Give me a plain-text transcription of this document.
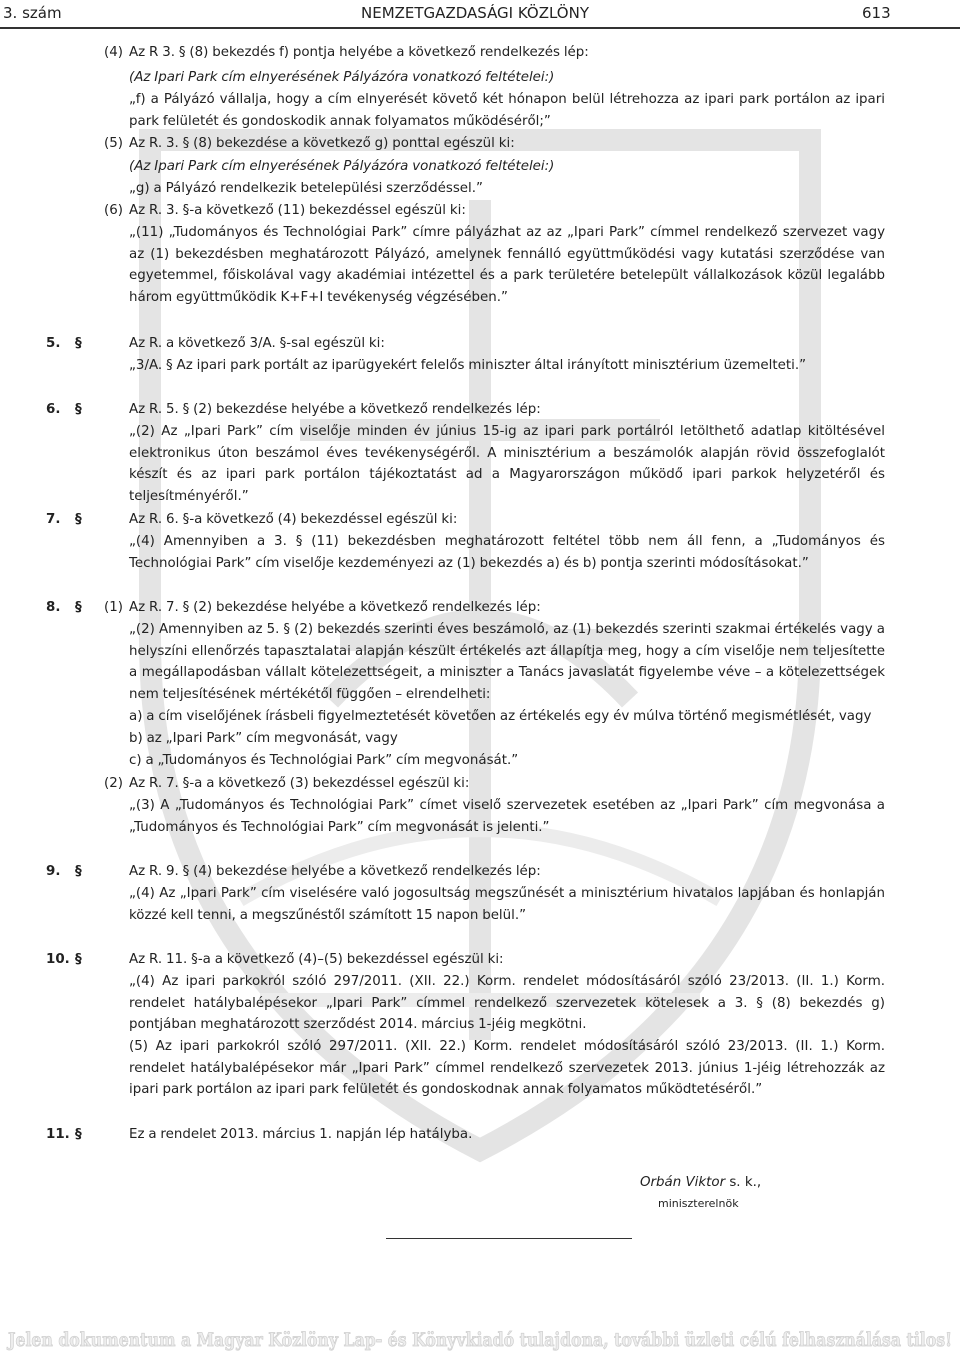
3. szám	NEMZETGAZDASÁGI KÖZLÖNY	613
(4) Az R 3. § (8) bekezdés f) pontja helyébe a következő rendelkezés lép:

(Az Ipari Park cím elnyerésének Pályázóra vonatkozó feltételei:)

„f) a Pályázó vállalja, hogy a cím elnyerését követő két hónapon belül létrehozza az ipari park portálon az ipari park felületét és gondoskodik annak folyamatos működéséről;”

(5) Az R. 3. § (8) bekezdése a következő g) ponttal egészül ki:

(Az Ipari Park cím elnyerésének Pályázóra vonatkozó feltételei:)

„g) a Pályázó rendelkezik betelepülési szerződéssel.”

(6) Az R. 3. §-a következő (11) bekezdéssel egészül ki:

„(11) „Tudományos és Technológiai Park” címre pályázhat az az „Ipari Park” címmel rendelkező szervezet vagy az (1) bekezdésben meghatározott Pályázó, amelynek fennálló együttműködési vagy kutatási szerződése van egyetemmel, főiskolával vagy akadémiai intézettel és a park területére betelepült vállalkozások közül legalább három együttműködik K+F+I tevékenység végzésében.”

5. §	Az R. a következő 3/A. §-sal egészül ki:

„3/A. § Az ipari park portált az iparügyekért felelős miniszter által irányított minisztérium üzemelteti.”

6. §	Az R. 5. § (2) bekezdése helyébe a következő rendelkezés lép:

„(2) Az „Ipari Park” cím viselője minden év június 15-ig az ipari park portálról letölthető adatlap kitöltésével elektronikus úton beszámol éves tevékenységéről. A minisztérium a beszámolók alapján rövid összefoglalót készít és az ipari park portálon tájékoztatást ad a Magyarországon működő ipari parkok helyzetéről és teljesítményéről.”

7. §	Az R. 6. §-a következő (4) bekezdéssel egészül ki:

„(4) Amennyiben a 3. § (11) bekezdésben meghatározott feltétel több nem áll fenn, a „Tudományos és Technológiai Park” cím viselője kezdeményezi az (1) bekezdés a) és b) pontja szerinti módosításokat.”

8. § (1) Az R. 7. § (2) bekezdése helyébe a következő rendelkezés lép:

„(2) Amennyiben az 5. § (2) bekezdés szerinti éves beszámoló, az (1) bekezdés szerinti szakmai értékelés vagy a helyszíni ellenőrzés tapasztalatai alapján készült értékelés azt állapítja meg, hogy a cím viselője nem teljesítette a megállapodásban vállalt kötelezettségeit, a miniszter a Tanács javaslatát figyelembe véve – a kötelezettségek nem teljesítésének mértékétől függően – elrendelheti:

a) a cím viselőjének írásbeli figyelmeztetését követően az értékelés egy év múlva történő megismétlését, vagy

b) az „Ipari Park” cím megvonását, vagy

c) a „Tudományos és Technológiai Park” cím megvonását.”

(2) Az R. 7. §-a a következő (3) bekezdéssel egészül ki:

„(3) A „Tudományos és Technológiai Park” címet viselő szervezetek esetében az „Ipari Park” cím megvonása a „Tudományos és Technológiai Park” cím megvonását is jelenti.”

9. §	Az R. 9. § (4) bekezdése helyébe a következő rendelkezés lép:

„(4) Az „Ipari Park” cím viselésére való jogosultság megszűnését a minisztérium hivatalos lapjában és honlapján közzé kell tenni, a megszűnéstől számított 15 napon belül.”

10. §	Az R. 11. §-a a következő (4)–(5) bekezdéssel egészül ki:

„(4) Az ipari parkokról szóló 297/2011. (XII. 22.) Korm. rendelet módosításáról szóló 23/2013. (II. 1.) Korm. rendelet hatálybalépésekor „Ipari Park” címmel rendelkező szervezetek kötelesek a 3. § (8) bekezdés g) pontjában meghatározott szerződést 2014. március 1-jéig megkötni.

(5) Az ipari parkokról szóló 297/2011. (XII. 22.) Korm. rendelet módosításáról szóló 23/2013. (II. 1.) Korm. rendelet hatálybalépésekor már „Ipari Park” címmel rendelkező szervezetek 2013. június 1-jéig létrehozzák az ipari park portálon az ipari park felületét és gondoskodnak annak folyamatos működtetéséről.”

11. §	Ez a rendelet 2013. március 1. napján lép hatályba.

Orbán Viktor s. k.,
miniszterelnök
Jelen dokumentum a Magyar Közlöny Lap- és Könyvkiadó tulajdona, további üzleti célú felhasználása tilos!
